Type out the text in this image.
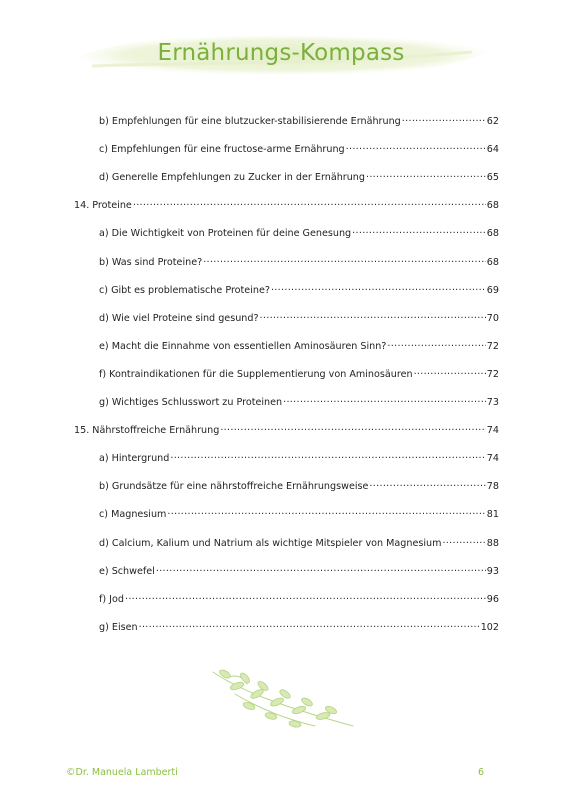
Ernährungs-Kompass
b) Empfehlungen für eine blutzucker-stabilisierende Ernährung .....	62
c) Empfehlungen für eine fructose-arme Ernährung .....	64
d) Generelle Empfehlungen zu Zucker in der Ernährung .....	65
14. Proteine .....	68
a) Die Wichtigkeit von Proteinen für deine Genesung .....	68
b) Was sind Proteine? .....	68
c) Gibt es problematische Proteine? .....	69
d) Wie viel Proteine sind gesund? .....	70
e) Macht die Einnahme von essentiellen Aminosäuren Sinn? .....	72
f) Kontraindikationen für die Supplementierung von Aminosäuren .....	72
g) Wichtiges Schlusswort zu Proteinen .....	73
15. Nährstoffreiche Ernährung .....	74
a) Hintergrund .....	74
b) Grundsätze für eine nährstoffreiche Ernährungsweise .....	78
c) Magnesium .....	81
d) Calcium, Kalium und Natrium als wichtige Mitspieler von Magnesium .....	88
e) Schwefel .....	93
f) Jod .....	96
g) Eisen .....	102
©Dr. Manuela Lamberti	6
